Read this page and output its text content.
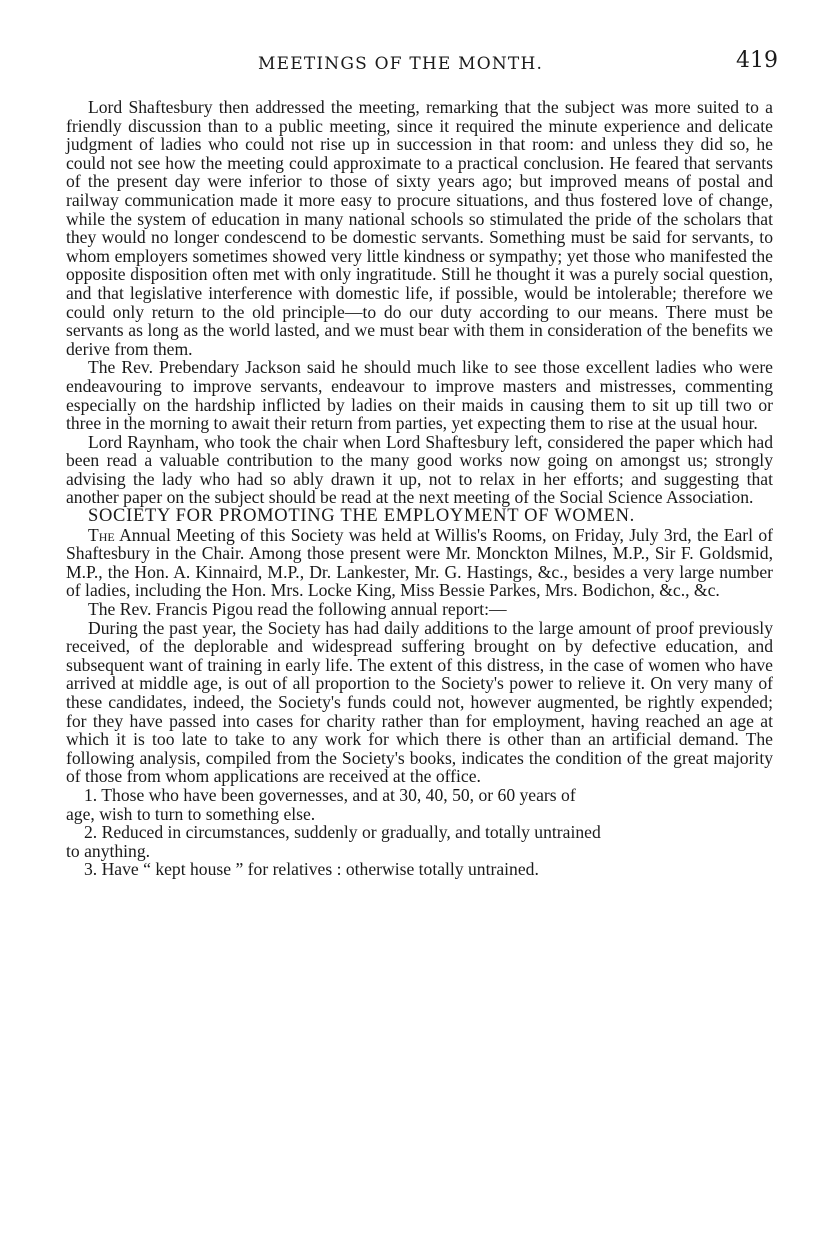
MEETINGS OF THE MONTH.	419

Lord Shaftesbury then addressed the meeting, remarking that the subject was more suited to a friendly discussion than to a public meeting, since it required the minute experience and delicate judgment of ladies who could not rise up in succession in that room: and unless they did so, he could not see how the meeting could approximate to a practical conclusion. He feared that servants of the present day were inferior to those of sixty years ago; but improved means of postal and railway communication made it more easy to procure situations, and thus fostered love of change, while the system of education in many national schools so stimulated the pride of the scholars that they would no longer condescend to be domestic servants. Something must be said for servants, to whom employers sometimes showed very little kindness or sympathy; yet those who manifested the opposite disposition often met with only ingratitude. Still he thought it was a purely social question, and that legislative interference with domestic life, if possible, would be intolerable; therefore we could only return to the old principle—to do our duty according to our means. There must be servants as long as the world lasted, and we must bear with them in consideration of the benefits we derive from them.

The Rev. Prebendary Jackson said he should much like to see those excellent ladies who were endeavouring to improve servants, endeavour to improve masters and mistresses, commenting especially on the hardship inflicted by ladies on their maids in causing them to sit up till two or three in the morning to await their return from parties, yet expecting them to rise at the usual hour.

Lord Raynham, who took the chair when Lord Shaftesbury left, considered the paper which had been read a valuable contribution to the many good works now going on amongst us; strongly advising the lady who had so ably drawn it up, not to relax in her efforts; and suggesting that another paper on the subject should be read at the next meeting of the Social Science Association.

SOCIETY FOR PROMOTING THE EMPLOYMENT OF WOMEN.

The Annual Meeting of this Society was held at Willis's Rooms, on Friday, July 3rd, the Earl of Shaftesbury in the Chair. Among those present were Mr. Monckton Milnes, M.P., Sir F. Goldsmid, M.P., the Hon. A. Kinnaird, M.P., Dr. Lankester, Mr. G. Hastings, &c., besides a very large number of ladies, including the Hon. Mrs. Locke King, Miss Bessie Parkes, Mrs. Bodichon, &c., &c.

The Rev. Francis Pigou read the following annual report:—

During the past year, the Society has had daily additions to the large amount of proof previously received, of the deplorable and widespread suffering brought on by defective education, and subsequent want of training in early life. The extent of this distress, in the case of women who have arrived at middle age, is out of all proportion to the Society's power to relieve it. On very many of these candidates, indeed, the Society's funds could not, however augmented, be rightly expended; for they have passed into cases for charity rather than for employment, having reached an age at which it is too late to take to any work for which there is other than an artificial demand. The following analysis, compiled from the Society's books, indicates the condition of the great majority of those from whom applications are received at the office.

1. Those who have been governesses, and at 30, 40, 50, or 60 years of
age, wish to turn to something else.

2. Reduced in circumstances, suddenly or gradually, and totally untrained
to anything.

3. Have “ kept house ” for relatives : otherwise totally untrained.
